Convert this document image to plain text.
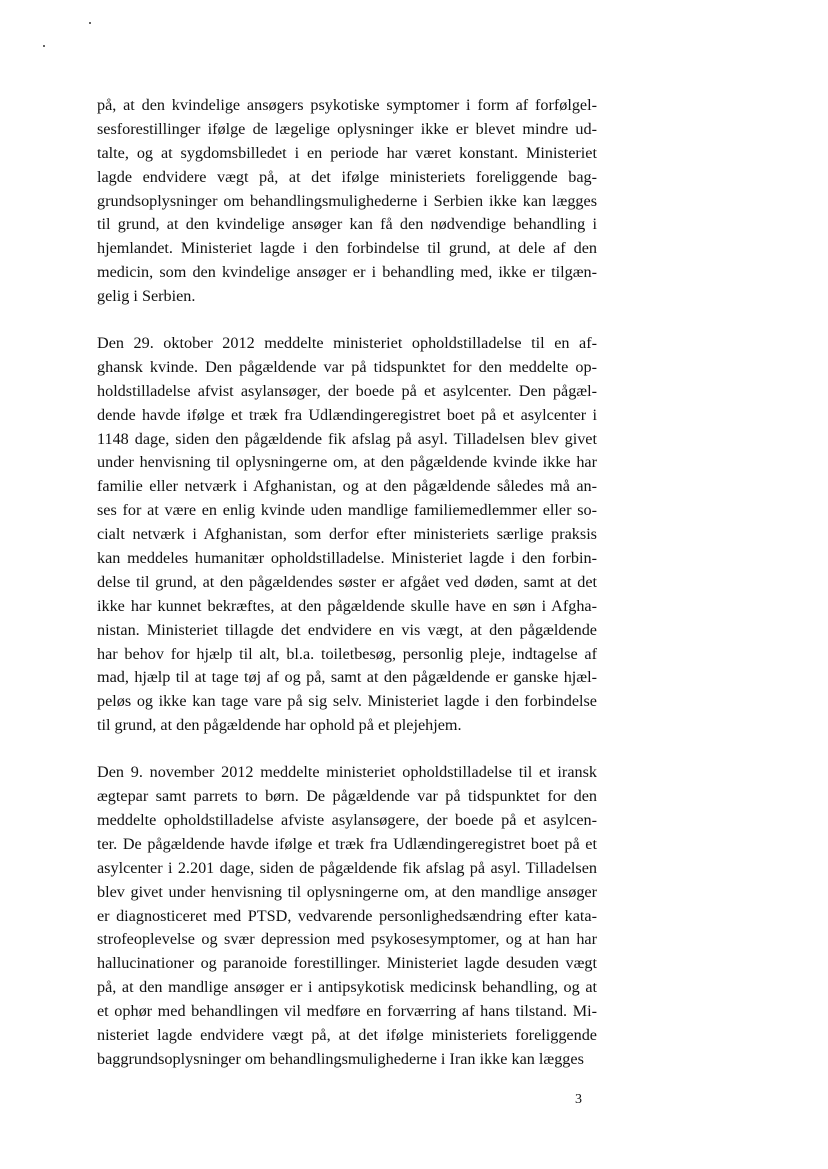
på, at den kvindelige ansøgers psykotiske symptomer i form af forfølgel-
sesforestillinger ifølge de lægelige oplysninger ikke er blevet mindre ud-
talte, og at sygdomsbilledet i en periode har været konstant. Ministeriet
lagde endvidere vægt på, at det ifølge ministeriets foreliggende bag-
grundsoplysninger om behandlingsmulighederne i Serbien ikke kan lægges
til grund, at den kvindelige ansøger kan få den nødvendige behandling i
hjemlandet. Ministeriet lagde i den forbindelse til grund, at dele af den
medicin, som den kvindelige ansøger er i behandling med, ikke er tilgæn-
gelig i Serbien.
Den 29. oktober 2012 meddelte ministeriet opholdstilladelse til en af-
ghansk kvinde. Den pågældende var på tidspunktet for den meddelte op-
holdstilladelse afvist asylansøger, der boede på et asylcenter. Den pågæl-
dende havde ifølge et træk fra Udlændingeregistret boet på et asylcenter i
1148 dage, siden den pågældende fik afslag på asyl. Tilladelsen blev givet
under henvisning til oplysningerne om, at den pågældende kvinde ikke har
familie eller netværk i Afghanistan, og at den pågældende således må an-
ses for at være en enlig kvinde uden mandlige familiemedlemmer eller so-
cialt netværk i Afghanistan, som derfor efter ministeriets særlige praksis
kan meddeles humanitær opholdstilladelse. Ministeriet lagde i den forbin-
delse til grund, at den pågældendes søster er afgået ved døden, samt at det
ikke har kunnet bekræftes, at den pågældende skulle have en søn i Afgha-
nistan. Ministeriet tillagde det endvidere en vis vægt, at den pågældende
har behov for hjælp til alt, bl.a. toiletbesøg, personlig pleje, indtagelse af
mad, hjælp til at tage tøj af og på, samt at den pågældende er ganske hjæl-
peløs og ikke kan tage vare på sig selv. Ministeriet lagde i den forbindelse
til grund, at den pågældende har ophold på et plejehjem.
Den 9. november 2012 meddelte ministeriet opholdstilladelse til et iransk
ægtepar samt parrets to børn. De pågældende var på tidspunktet for den
meddelte opholdstilladelse afviste asylansøgere, der boede på et asylcen-
ter. De pågældende havde ifølge et træk fra Udlændingeregistret boet på et
asylcenter i 2.201 dage, siden de pågældende fik afslag på asyl. Tilladelsen
blev givet under henvisning til oplysningerne om, at den mandlige ansøger
er diagnosticeret med PTSD, vedvarende personlighedsændring efter kata-
strofeoplevelse og svær depression med psykosesymptomer, og at han har
hallucinationer og paranoide forestillinger. Ministeriet lagde desuden vægt
på, at den mandlige ansøger er i antipsykotisk medicinsk behandling, og at
et ophør med behandlingen vil medføre en forværring af hans tilstand. Mi-
nisteriet lagde endvidere vægt på, at det ifølge ministeriets foreliggende
baggrundsoplysninger om behandlingsmulighederne i Iran ikke kan lægges
3
